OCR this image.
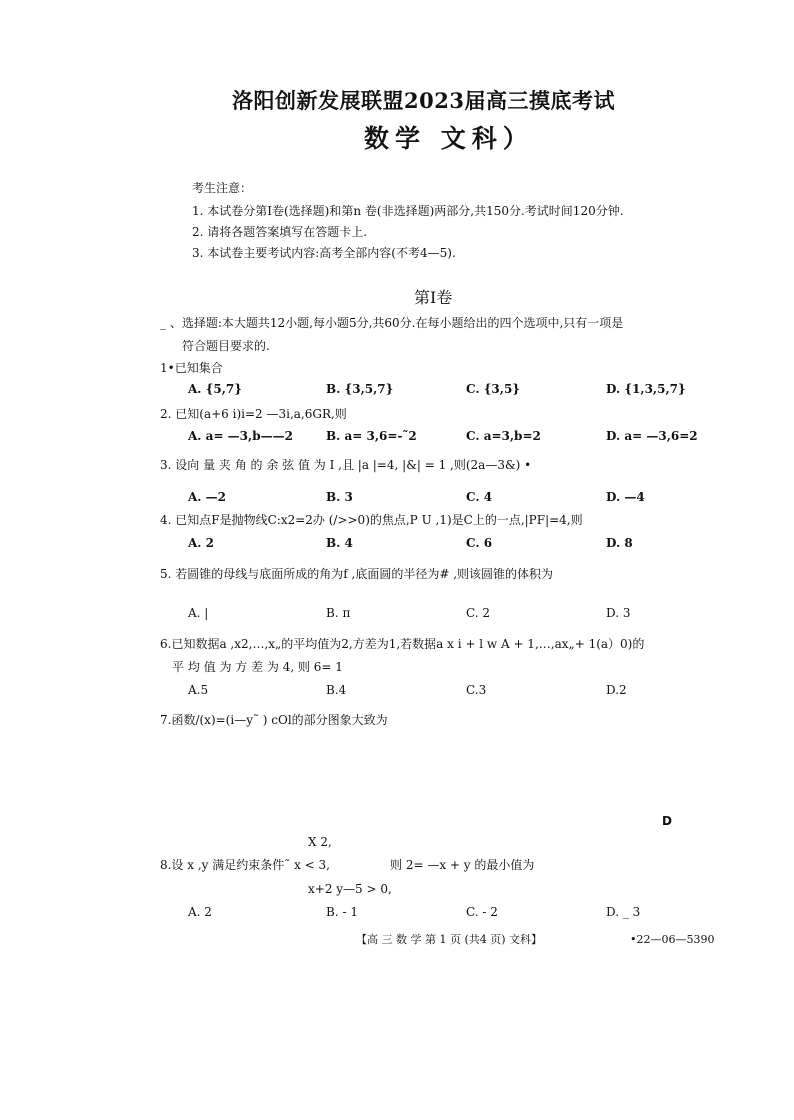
洛阳创新发展联盟2023届高三摸底考试
数学 文科）
考生注意：
1. 本试卷分第Ⅰ卷(选择题)和第n 卷(非选择题)两部分,共150分.考试时间120分钟.
2. 请将各题答案填写在答题卡上.
3. 本试卷主要考试内容:高考全部内容(不考4—5).
第Ⅰ卷
_ 、选择题:本大题共12小题,每小题5分,共60分.在每小题给出的四个选项中,只有一项是
符合题目要求的.
1•已知集合
A. {5,7}	B. {3,5,7}	C. {3,5}	D. {1,3,5,7}
2. 已知(a+6 i)i=2 —3i,a,6GR,则
A. a= —3,b——2	B. a= 3,6=-˜2	C. a=3,b=2	D. a= —3,6=2
3. 设向 量 夹 角 的 余 弦 值 为 I ,且 |a |=4, |&| = 1 ,则(2a—3&) •
A. —2	B. 3	C. 4	D. —4
4. 已知点F是抛物线C:x2=2办 (/>>0)的焦点,P U ,1)是C上的一点,|PF|=4,则
A. 2	B. 4	C. 6	D. 8
5. 若圆锥的母线与底面所成的角为f ,底面圆的半径为# ,则该圆锥的体积为
A. |	B. π	C. 2	D. 3
6.已知数据a ,x2,…,x„的平均值为2,方差为1,若数据a x i + l w A + 1,…,ax„+ 1(a）0)的
平 均 值 为 方 差 为 4, 则 6= 1
A.5	B.4	C.3	D.2
7.函数/(x)=(i—y˜ ) cOl的部分图象大致为
D
X 2,
8.设 x ,y 满足约束条件˜ x < 3,	则 2= —x + y 的最小值为
x+2 y—5 > 0,
A. 2	B. - 1	C. - 2	D. _ 3
【高 三 数 学 第 1 页 (共4 页) 文科】	•22—06—5390
